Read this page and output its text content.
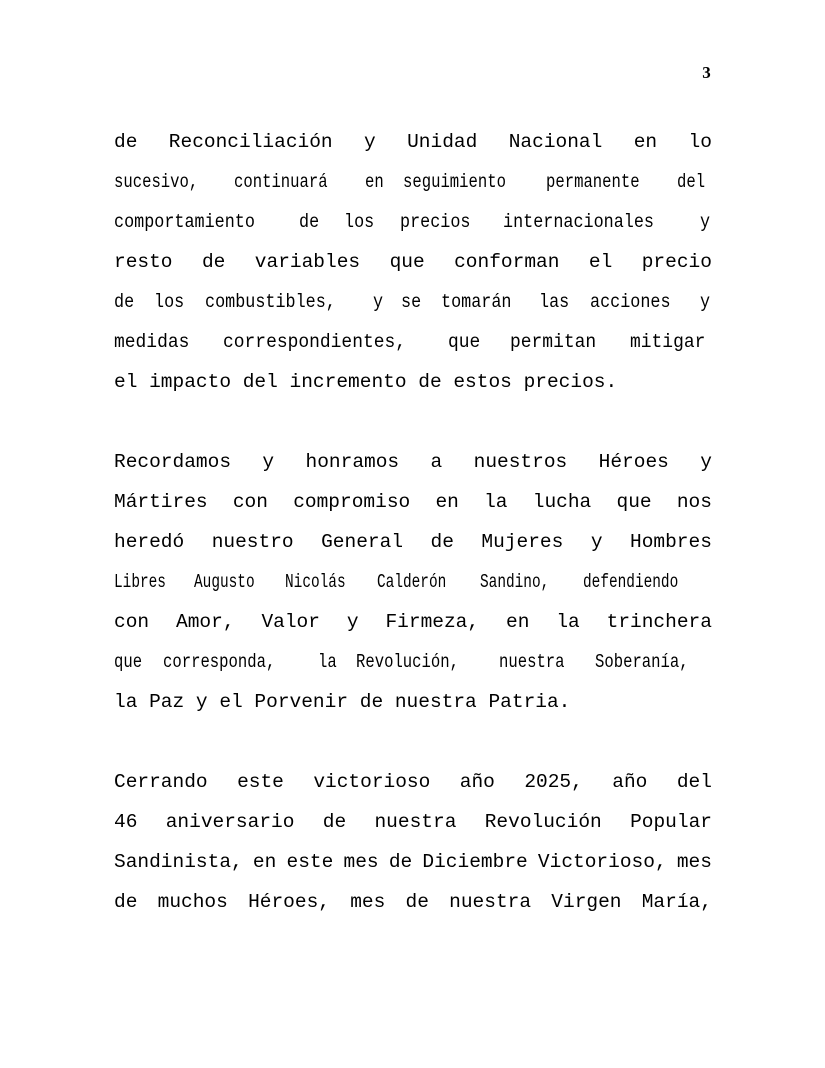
3
de Reconciliación y Unidad Nacional en lo
sucesivo, continuará en seguimiento permanente del
comportamiento de los precios internacionales y
resto de variables que conforman el precio
de los combustibles, y se tomarán las acciones y
medidas correspondientes, que permitan mitigar
el impacto del incremento de estos precios.
Recordamos y honramos a nuestros Héroes y
Mártires con compromiso en la lucha que nos
heredó nuestro General de Mujeres y Hombres
Libres Augusto Nicolás Calderón Sandino, defendiendo
con Amor, Valor y Firmeza, en la trinchera
que corresponda, la Revolución, nuestra Soberanía,
la Paz y el Porvenir de nuestra Patria.
Cerrando este victorioso año 2025, año del
46 aniversario de nuestra Revolución Popular
Sandinista, en este mes de Diciembre Victorioso, mes
de muchos Héroes, mes de nuestra Virgen María,
